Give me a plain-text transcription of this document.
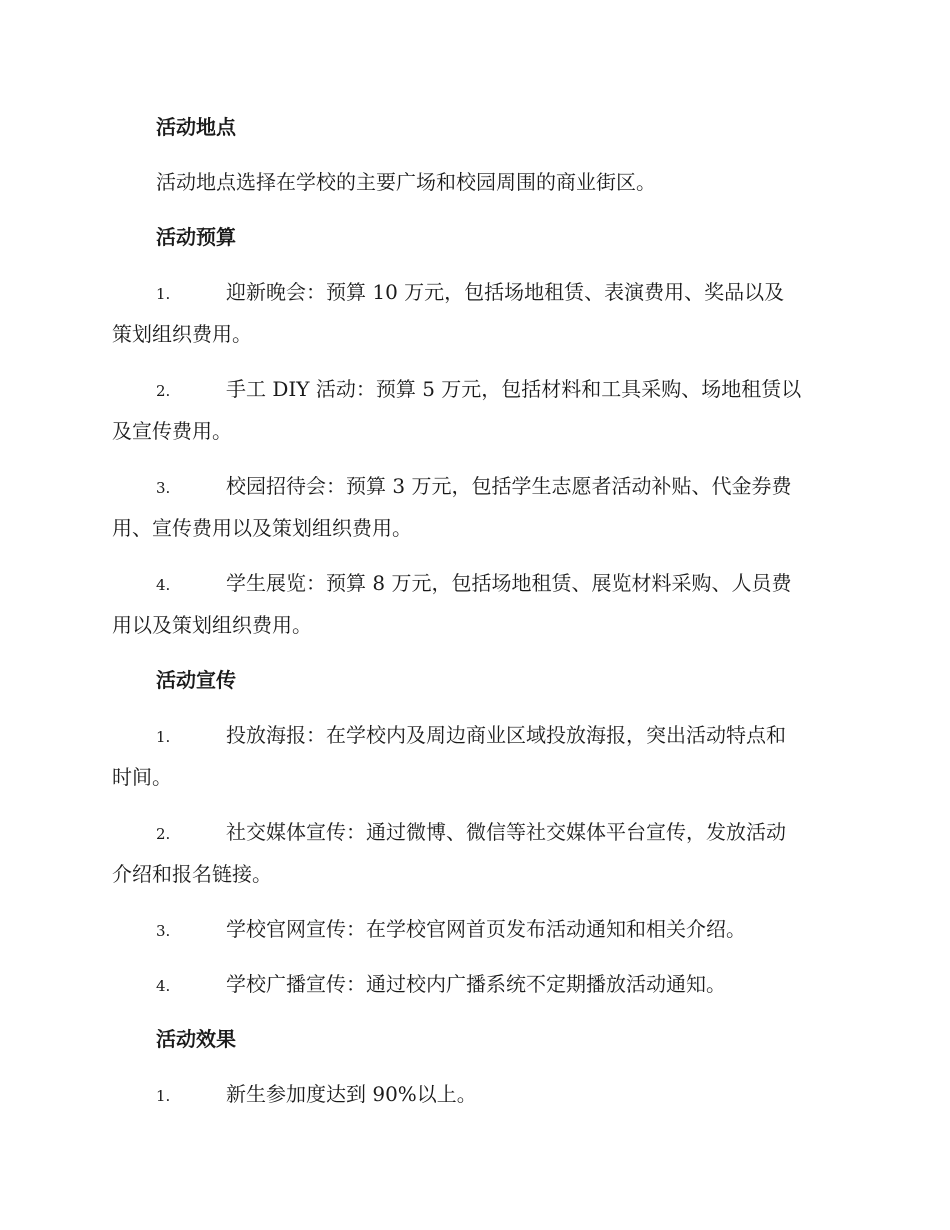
活动地点
活动地点选择在学校的主要广场和校园周围的商业街区。
活动预算
1.	迎新晚会：预算 10 万元，包括场地租赁、表演费用、奖品以及
策划组织费用。
2.	手工 DIY 活动：预算 5 万元，包括材料和工具采购、场地租赁以
及宣传费用。
3.	校园招待会：预算 3 万元，包括学生志愿者活动补贴、代金券费
用、宣传费用以及策划组织费用。
4.	学生展览：预算 8 万元，包括场地租赁、展览材料采购、人员费
用以及策划组织费用。
活动宣传
1.	投放海报：在学校内及周边商业区域投放海报，突出活动特点和
时间。
2.	社交媒体宣传：通过微博、微信等社交媒体平台宣传，发放活动
介绍和报名链接。
3.	学校官网宣传：在学校官网首页发布活动通知和相关介绍。
4.	学校广播宣传：通过校内广播系统不定期播放活动通知。
活动效果
1.	新生参加度达到 90%以上。
